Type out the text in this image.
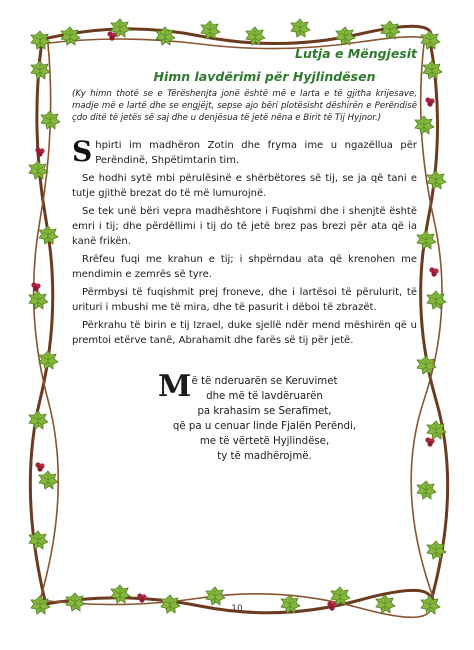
Lutja e Mëngjesit
Himn lavdërimi për Hyjlindësen
(Ky himn thotë se e Tërëshenjta jonë është më e larta e të gjitha krijesave, madje më e lartë dhe se engjëjt, sepse ajo bëri plotësisht dëshirën e Perëndisë çdo ditë të jetës së saj dhe u denjësua të jetë nëna e Birit të Tij Hyjnor.)

Shpirti im madhëron Zotin dhe fryma ime u ngazëllua për Perëndinë, Shpëtimtarin tim.

Se hodhi sytë mbi përulësinë e shërbëtores së tij, se ja që tani e tutje gjithë brezat do të më lumurojnë.

Se tek unë bëri vepra madhështore i Fuqishmi dhe i shenjtë është emri i tij; dhe përdëllimi i tij do të jetë brez pas brezi për ata që ia kanë frikën.

Rrëfeu fuqi me krahun e tij; i shpërndau ata që krenohen me mendimin e zemrës së tyre.

Përmbysi të fuqishmit prej froneve, dhe i lartësoi të përulurit, të urituri i mbushi me të mira, dhe të pasurit i dëboi të zbrazët.

Përkrahu të birin e tij Izrael, duke sjellë ndër mend mëshirën që u premtoi etërve tanë, Abrahamit dhe farës së tij për jetë.

M ë të nderuarën se Keruvimet
dhe më të lavdëruarën
pa krahasim se Serafimet,
që pa u cenuar linde Fjalën Perëndi,
me të vërtetë Hyjlindëse,
ty të madhërojmë.
10
